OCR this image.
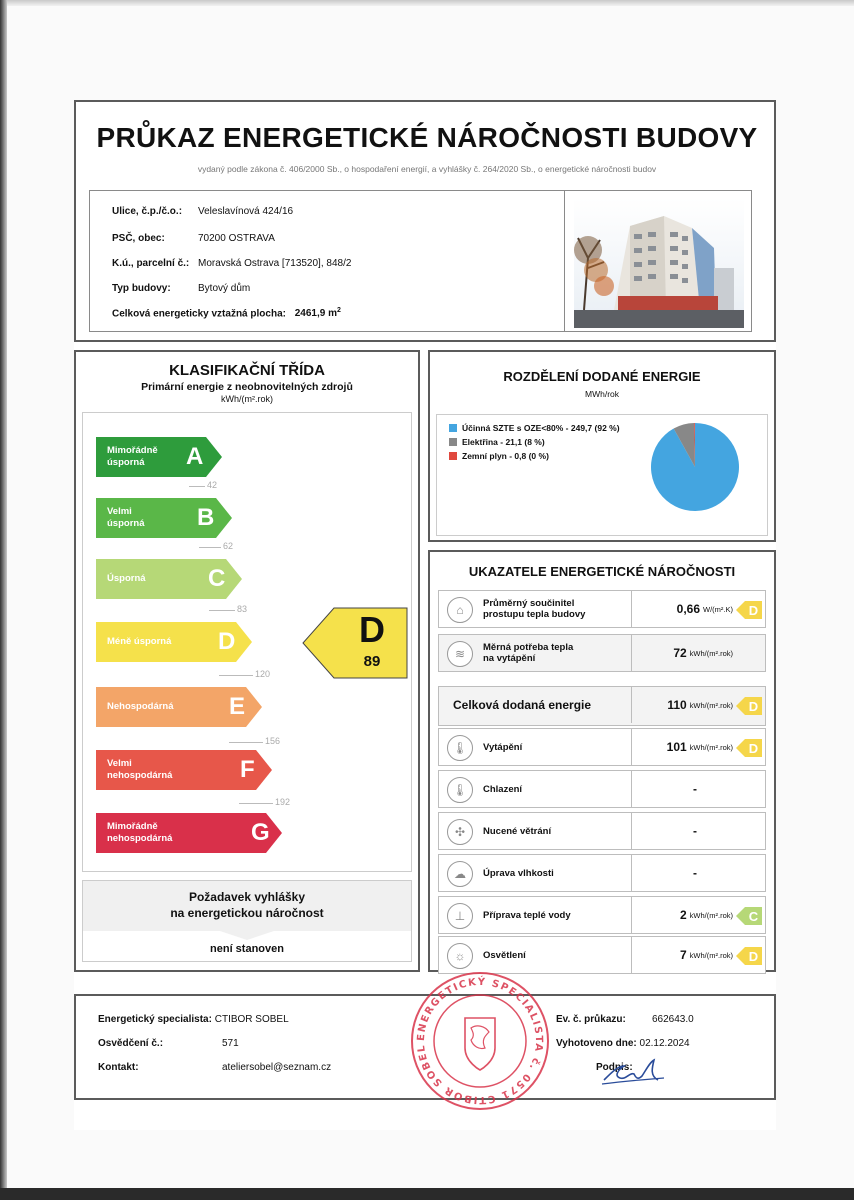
PRŮKAZ ENERGETICKÉ NÁROČNOSTI BUDOVY
vydaný podle zákona č. 406/2000 Sb., o hospodaření energií, a vyhlášky č. 264/2020 Sb., o energetické náročnosti budov
Ulice, č.p./č.o.: Veleslavínová 424/16
PSČ, obec:	70200 OSTRAVA
K.ú., parcelní č.: Moravská Ostrava [713520], 848/2
Typ budovy:	Bytový dům
Celková energeticky vztažná plocha: 2461,9 $m^2$
KLASIFIKAČNÍ TŘÍDA
Primární energie z neobnovitelných zdrojů
kWh/(m².rok)
Mimořádně
úsporná	A
42
Velmi
úsporná B
62
Úsporná	C
83
Méně úsporná D
120
Nehospodárná E
156
Velmi
nehospodárná	F
192
Mimořádně
nehospodárná	G
D
89
Požadavek vyhlášky
na energetickou náročnost
není stanoven
ROZDĚLENÍ DODANÉ ENERGIE
MWh/rok
Účinná SZTE s OZE<80% - 249,7 (92 %)
Elektřina - 21,1 (8 %)
Zemní plyn - 0,8 (0 %)
UKAZATELE ENERGETICKÉ NÁROČNOSTI
⌂	Průměrný součinitel
prostupu tepla budovy	0,66 W/(m².K) D
≋	Měrná potřeba tepla
na vytápění	72 kWh/(m².rok)
Celková dodaná energie	110 kWh/(m².rok) D
🌡	Vytápění	101 kWh/(m².rok) D
🌡	Chlazení	-
✣	Nucené větrání	-
☁	Úprava vlhkosti	-
⊥	Příprava teplé vody	2 kWh/(m².rok) C
☼	Osvětlení	7 kWh/(m².rok) D
Energetický specialista: CTIBOR SOBEL
Osvědčení č.:	571
Kontakt:	ateliersobel@seznam.cz
Ev. č. průkazu:	662643.0
Vyhotoveno dne: 02.12.2024
Podpis:
ENERGETICKÝ SPECIALISTA č. 0571 CTIBOR SOBEL
